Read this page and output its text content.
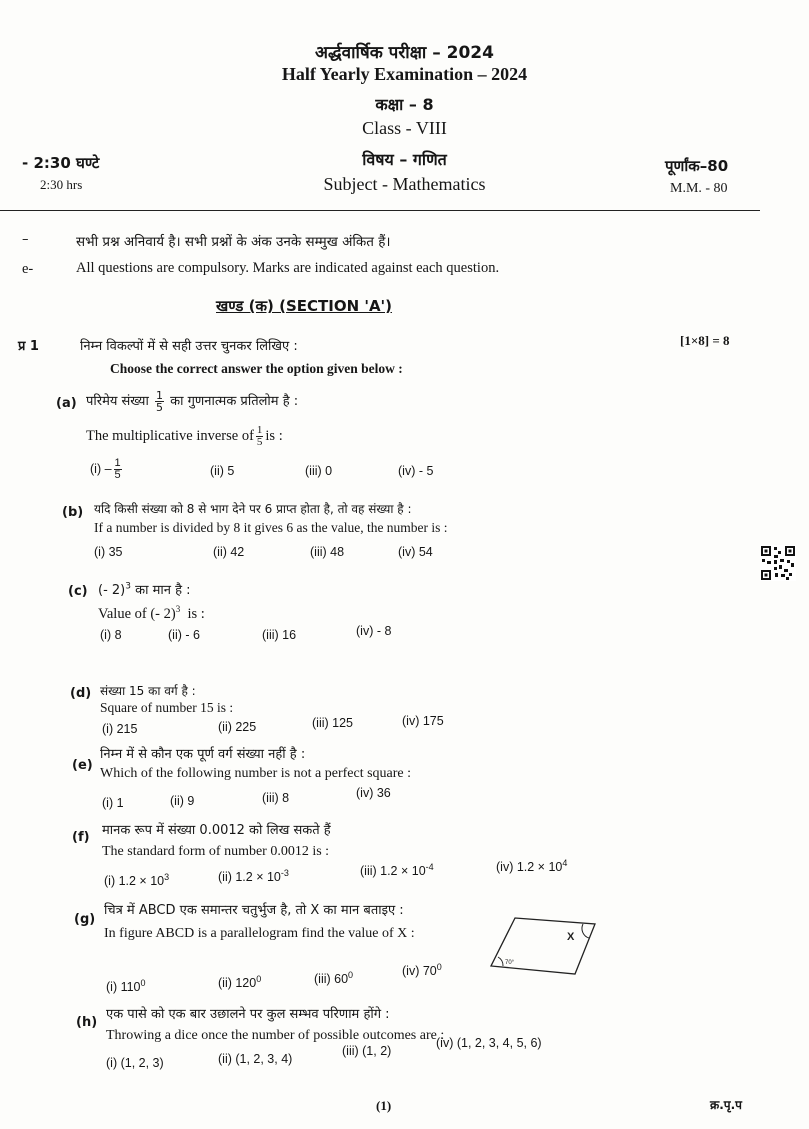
अर्द्धवार्षिक परीक्षा – 2024
Half Yearly Examination – 2024
कक्षा – 8
Class - VIII
विषय – गणित
Subject - Mathematics
- 2:30 घण्टे
2:30 hrs
पूर्णांक–80
M.M. - 80
–	सभी प्रश्न अनिवार्य है। सभी प्रश्नों के अंक उनके सम्मुख अंकित हैं।
e-	All questions are compulsory. Marks are indicated against each question.
खण्ड (क) (SECTION 'A')
प्र 1	निम्न विकल्पों में से सही उत्तर चुनकर लिखिए :	[1×8] = 8
Choose the correct answer the option given below :
(a) परिमेय संख्या $\frac{1}{5}$ का गुणनात्मक प्रतिलोम है :
The multiplicative inverse of $\frac{1}{5}$ is :
$(i) - \frac{1}{5}$	(ii) 5	(iii) 0	(iv) - 5
(b) यदि किसी संख्या को 8 से भाग देने पर 6 प्राप्त होता है, तो वह संख्या है :
If a number is divided by 8 it gives 6 as the value, the number is :
(i) 35	(ii) 42	(iii) 48	(iv) 54
(c) (- 2)$^3$ का मान है :
Value of (- 2)$^3$ is :
(i) 8	(ii) - 6	(iii) 16	(iv) - 8
(d) संख्या 15 का वर्ग है :
Square of number 15 is :
(i) 215	(ii) 225	(iii) 125	(iv) 175
(e)
निम्न में से कौन एक पूर्ण वर्ग संख्या नहीं है :
Which of the following number is not a perfect square :
(i) 1	(ii) 9	(iii) 8	(iv) 36
(f) मानक रूप में संख्या 0.0012 को लिख सकते हैं
The standard form of number 0.0012 is :
(i) $1.2 \times 10^3$	(ii) $1.2 \times 10^{-3}$	(iii) $1.2 \times 10^{-4}$	(iv) $1.2 \times 10^4$
(g)
चित्र में ABCD एक समान्तर चतुर्भुज है, तो X का मान बताइए :
In figure ABCD is a parallelogram find the value of X :
(i) $110^0$	(ii) $120^0$	(iii) $60^0$	(iv) $70^0$
X
70°
(h)
एक पासे को एक बार उछालने पर कुल सम्भव परिणाम होंगे :
Throwing a dice once the number of possible outcomes are :
(i) (1, 2, 3)	(ii) (1, 2, 3, 4)
(iii) (1, 2)
(iv) (1, 2, 3, 4, 5, 6)
(1)	क्र.पृ.प
